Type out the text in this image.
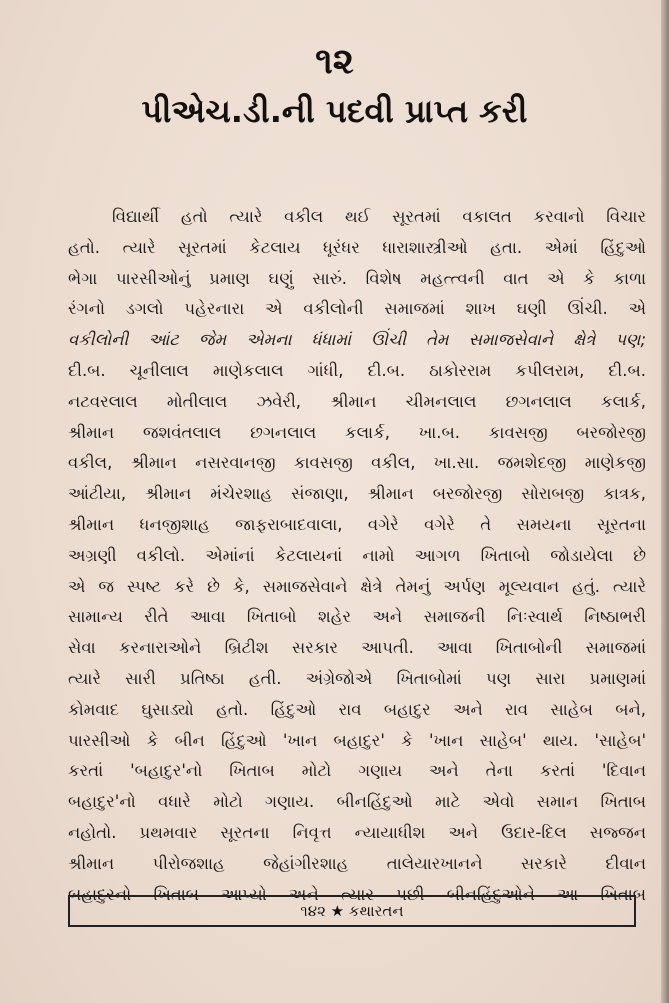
૧૨
પીએચ.ડી.ની પદવી પ્રાપ્ત કરી
વિદ્યાર્થી હતો ત્યારે વકીલ થઈ સૂરતમાં વકાલત કરવાનો વિચાર
હતો. ત્યારે સૂરતમાં કેટલાય ધૂરંધર ધારાશાસ્ત્રીઓ હતા. એમાં હિંદુઓ
ભેગા પારસીઓનું પ્રમાણ ઘણું સારું. વિશેષ મહત્ત્વની વાત એ કે કાળા
રંગનો ડગલો પહેરનારા એ વકીલોની સમાજમાં શાખ ઘણી ઊંચી. એ
વકીલોની આંટ જેમ એમના ધંધામાં ઊંચી તેમ સમાજસેવાને ક્ષેત્રે પણ;
દી.બ. ચૂનીલાલ માણેકલાલ ગાંધી, દી.બ. ઠાકોરરામ કપીલરામ, દી.બ.
નટવરલાલ મોતીલાલ ઝવેરી, શ્રીમાન ચીમનલાલ છગનલાલ કલાર્ક,
શ્રીમાન જશવંતલાલ છગનલાલ કલાર્ક, ખા.બ. કાવસજી બરજોરજી
વકીલ, શ્રીમાન નસરવાનજી કાવસજી વકીલ, ખા.સા. જમશેદજી માણેકજી
આંટીયા, શ્રીમાન મંચેરશાહ સંજાણા, શ્રીમાન બરજોરજી સોરાબજી કાત્રક,
શ્રીમાન ધનજીશાહ જાફરાબાદવાલા, વગેરે વગેરે તે સમયના સૂરતના
અગ્રણી વકીલો. એમાંનાં કેટલાયનાં નામો આગળ ખિતાબો જોડાયેલા છે
એ જ સ્પષ્ટ કરે છે કે, સમાજસેવાને ક્ષેત્રે તેમનું અર્પણ મૂલ્યવાન હતું. ત્યારે
સામાન્ય રીતે આવા ખિતાબો શહેર અને સમાજની નિઃસ્વાર્થ નિષ્ઠાભરી
સેવા કરનારાઓને બ્રિટીશ સરકાર આપતી. આવા ખિતાબોની સમાજમાં
ત્યારે સારી પ્રતિષ્ઠા હતી. અંગ્રેજોએ ખિતાબોમાં પણ સારા પ્રમાણમાં
કોમવાદ ઘુસાડ્યો હતો. હિંદુઓ રાવ બહાદુર અને રાવ સાહેબ બને,
પારસીઓ કે બીન હિંદુઓ 'ખાન બહાદુર' કે 'ખાન સાહેબ' થાય. 'સાહેબ'
કરતાં 'બહાદુર'નો ખિતાબ મોટો ગણાય અને તેના કરતાં 'દિવાન
બહાદુર'નો વધારે મોટો ગણાય. બીનહિંદુઓ માટે એવો સમાન ખિતાબ
નહોતો. પ્રથમવાર સૂરતના નિવૃત્ત ન્યાયાધીશ અને ઉદાર-દિલ સજ્જન
શ્રીમાન પીરોજશાહ જેહાંગીરશાહ તાલેયારખાનને સરકારે દીવાન
બહાદુરનો ખિતાબ આપ્યો અને ત્યાર પછી બીનહિંદુઓને આ ખિતાબ
૧૪૨ ★ કથારતન
